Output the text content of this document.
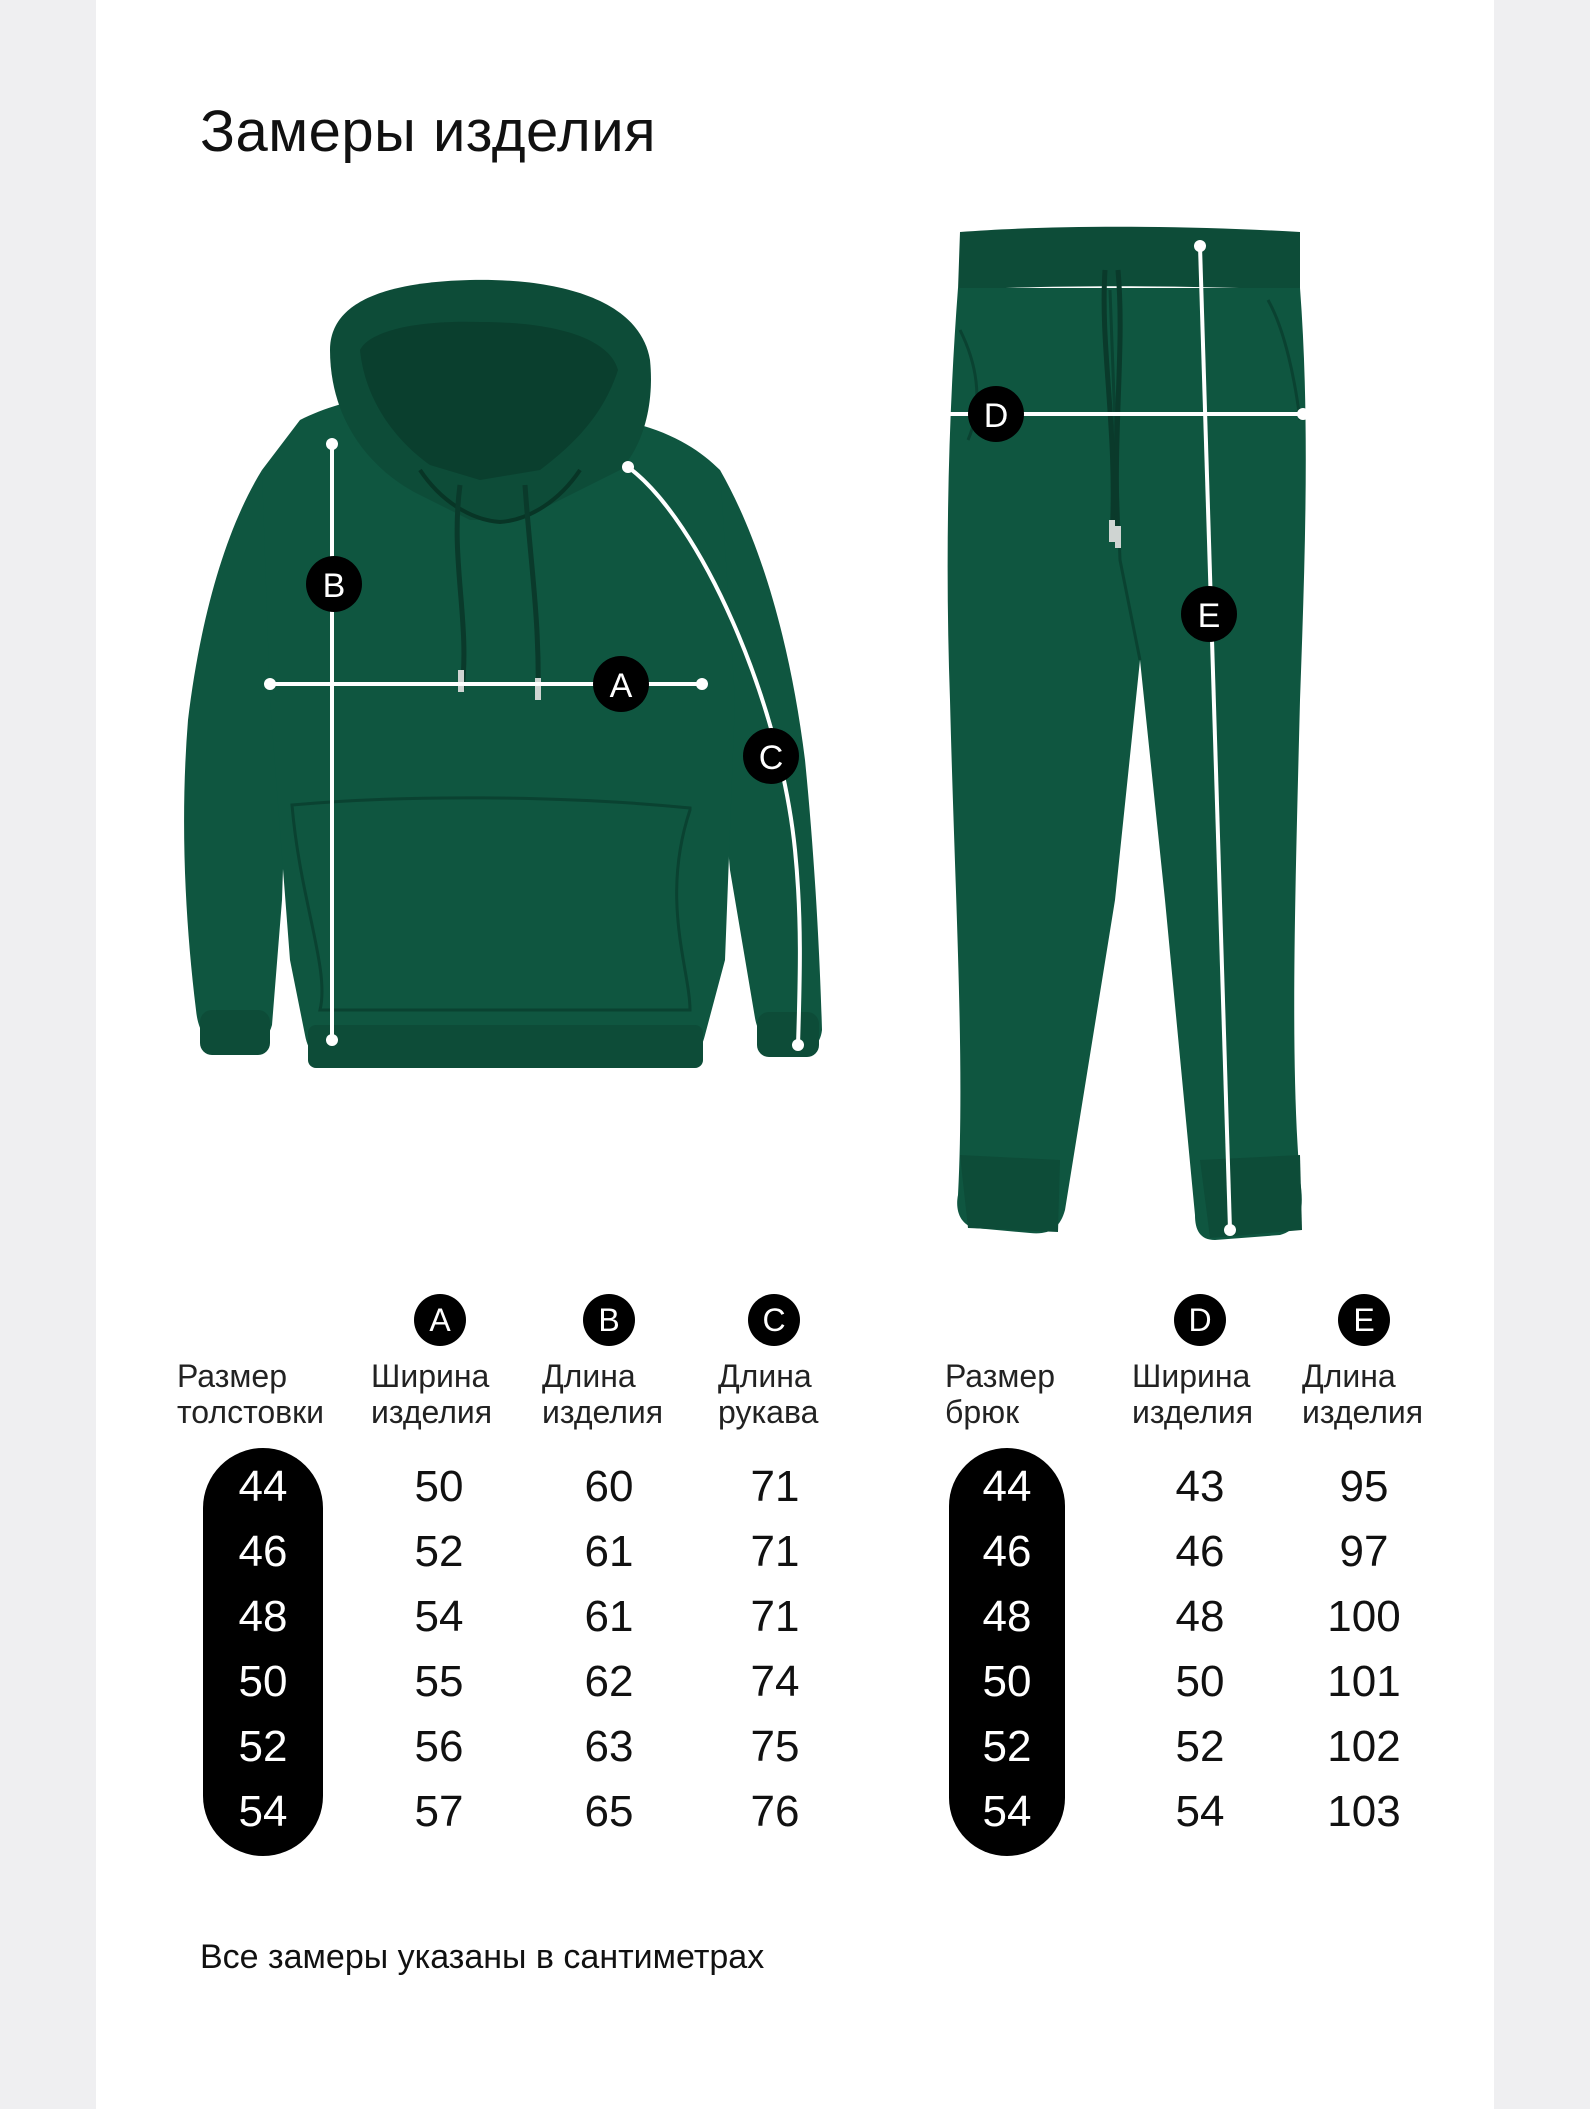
Замеры изделия
A
B
C
D
E
A	B	C
Размер
толстовки
Ширина
изделия
Длина
изделия
Длина
рукава
44	50	60	71
46	52	61	71
48	54	61	71
50	55	62	74
52	56	63	75
54	57	65	76
D	E
Размер
брюк
Ширина
изделия
Длина
изделия
44	43	95
46	46	97
48	48	100
50	50	101
52	52	102
54	54	103
Все замеры указаны в сантиметрах
